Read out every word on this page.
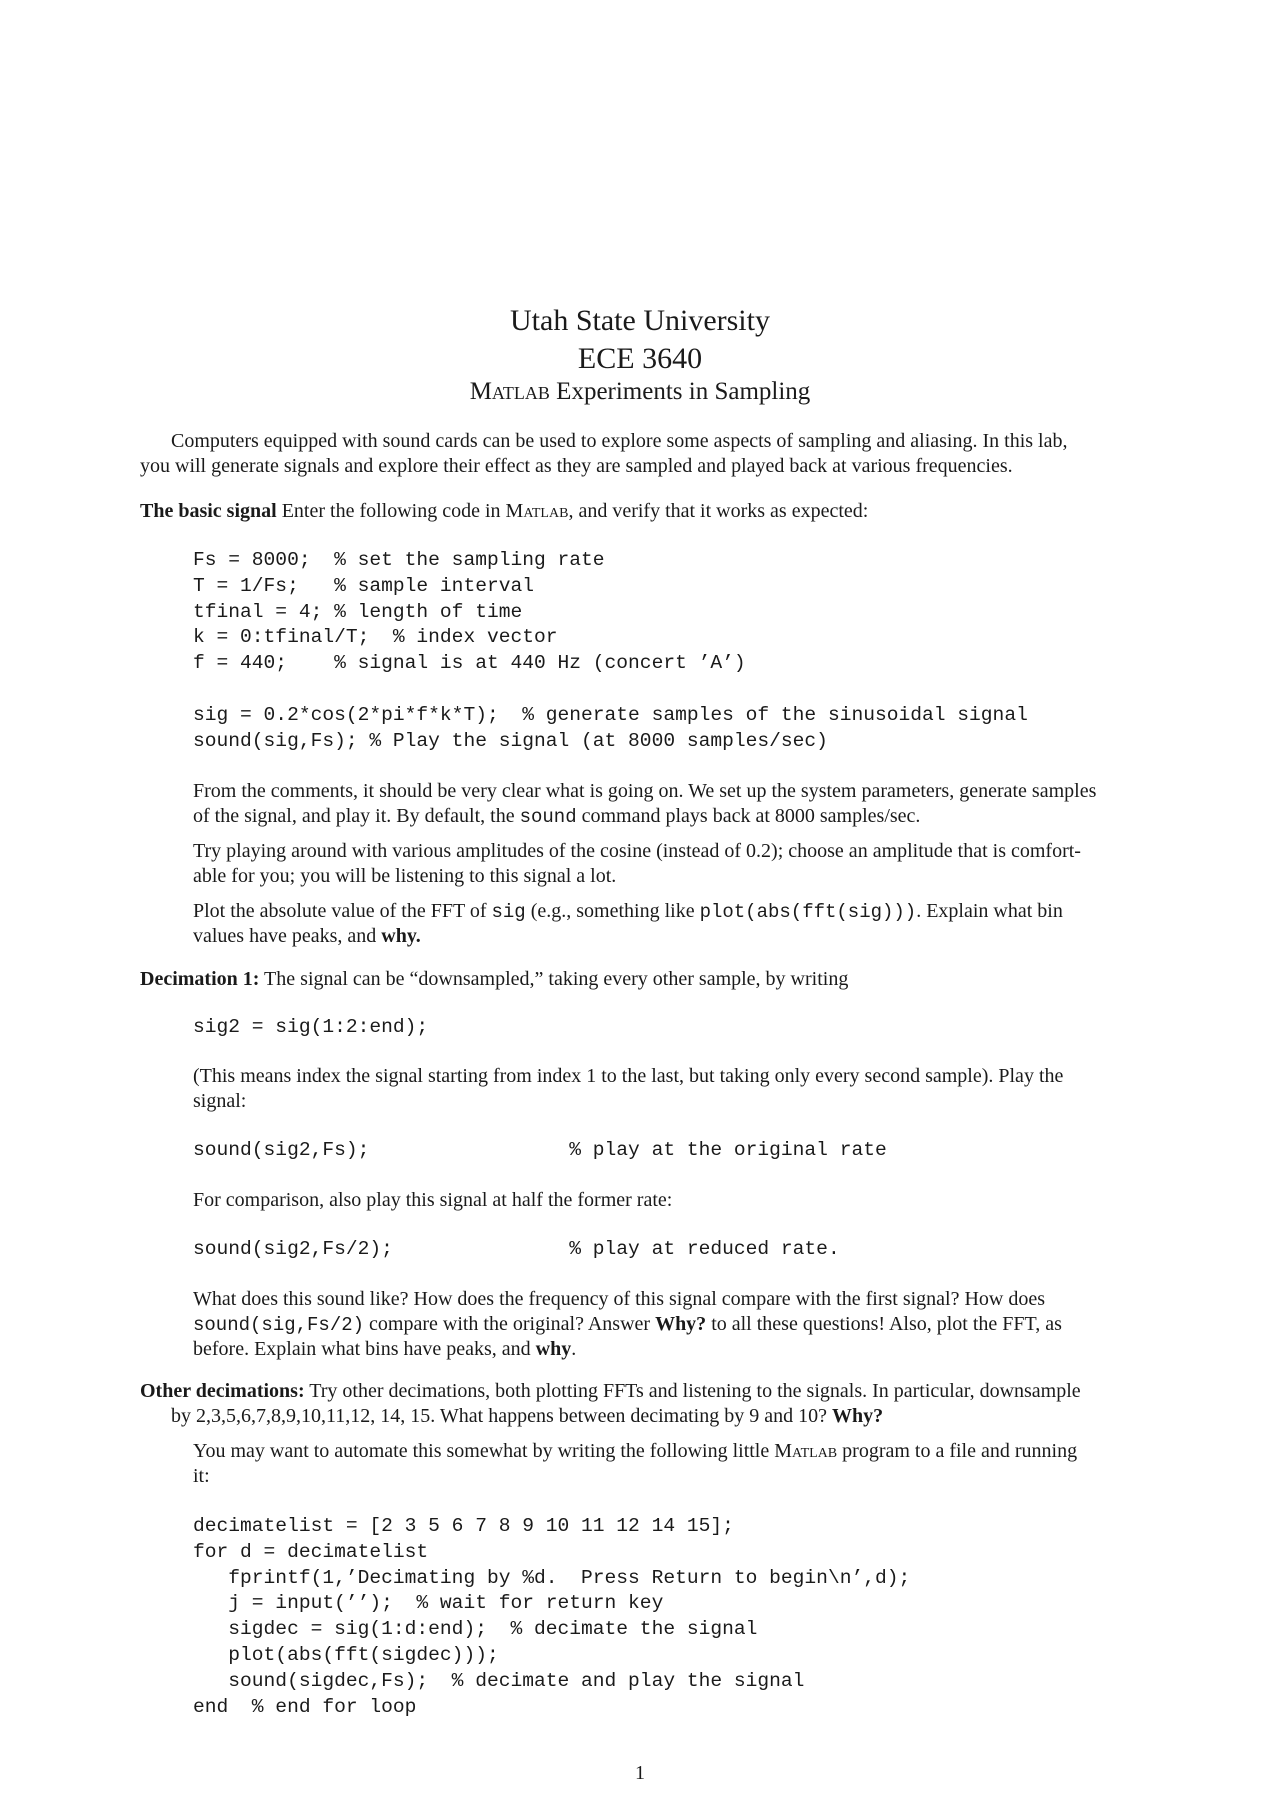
Utah State University
ECE 3640
Matlab Experiments in Sampling
Computers equipped with sound cards can be used to explore some aspects of sampling and aliasing. In this lab,
you will generate signals and explore their effect as they are sampled and played back at various frequencies.
The basic signal Enter the following code in Matlab, and verify that it works as expected:
Fs = 8000;  % set the sampling rate
T = 1/Fs;   % sample interval
tfinal = 4; % length of time
k = 0:tfinal/T;  % index vector
f = 440;    % signal is at 440 Hz (concert ’A’)
sig = 0.2*cos(2*pi*f*k*T);  % generate samples of the sinusoidal signal
sound(sig,Fs); % Play the signal (at 8000 samples/sec)
From the comments, it should be very clear what is going on. We set up the system parameters, generate samples
of the signal, and play it. By default, the sound command plays back at 8000 samples/sec.
Try playing around with various amplitudes of the cosine (instead of 0.2); choose an amplitude that is comfort-
able for you; you will be listening to this signal a lot.
Plot the absolute value of the FFT of sig (e.g., something like plot(abs(fft(sig))). Explain what bin
values have peaks, and why.
Decimation 1: The signal can be “downsampled,” taking every other sample, by writing
sig2 = sig(1:2:end);
(This means index the signal starting from index 1 to the last, but taking only every second sample). Play the
signal:
sound(sig2,Fs);                 % play at the original rate
For comparison, also play this signal at half the former rate:
sound(sig2,Fs/2);               % play at reduced rate.
What does this sound like? How does the frequency of this signal compare with the first signal? How does
sound(sig,Fs/2) compare with the original? Answer Why? to all these questions! Also, plot the FFT, as
before. Explain what bins have peaks, and why.
Other decimations: Try other decimations, both plotting FFTs and listening to the signals. In particular, downsample
by 2,3,5,6,7,8,9,10,11,12, 14, 15. What happens between decimating by 9 and 10? Why?
You may want to automate this somewhat by writing the following little Matlab program to a file and running
it:
decimatelist = [2 3 5 6 7 8 9 10 11 12 14 15];
for d = decimatelist
fprintf(1,’Decimating by %d.  Press Return to begin\n’,d);
j = input(’’);  % wait for return key
sigdec = sig(1:d:end);  % decimate the signal
plot(abs(fft(sigdec)));
sound(sigdec,Fs);  % decimate and play the signal
end  % end for loop
1
